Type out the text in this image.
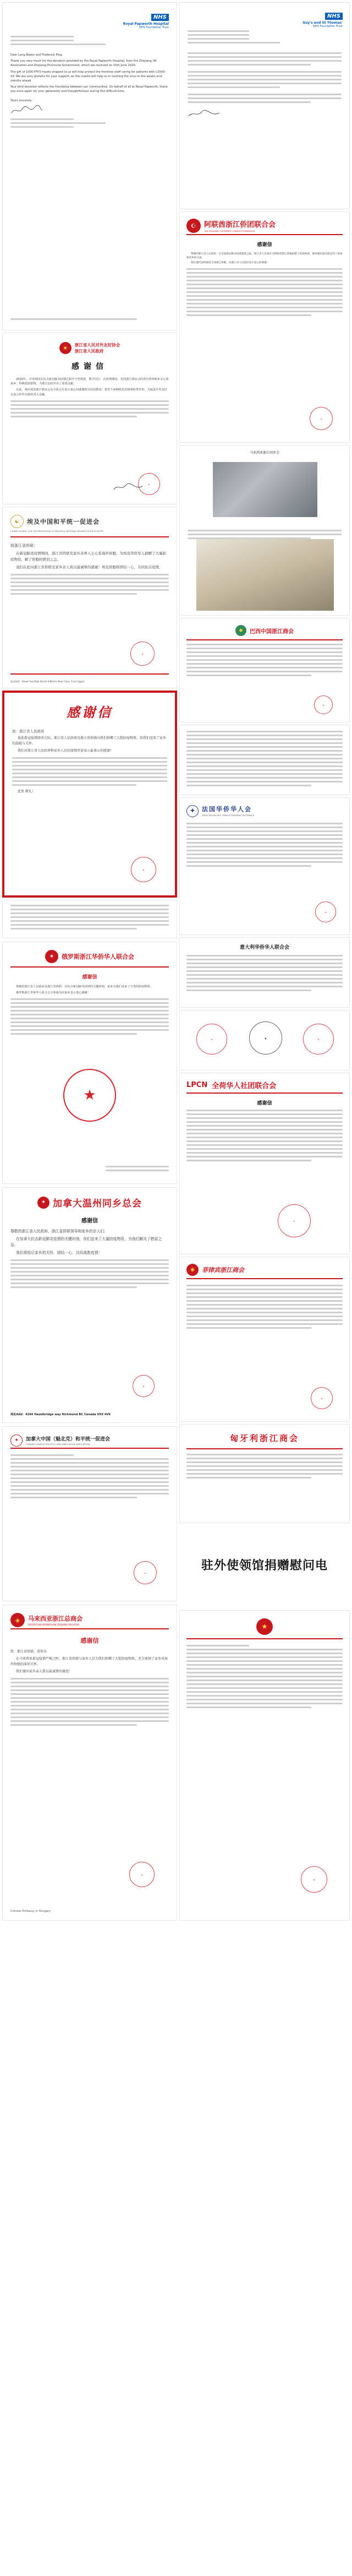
NHS
Royal Papworth Hospital
NHS Foundation Trust
Dear Lang Bawei and Frederick Ping,
Thank you very much for the donation provided by the Royal Papworth Hospital, from the Zhejiang UK Association and Zhejiang Provincial Government, which we received on 15th June 2020.
The gift of 1000 FFP3 masks shipped to us will help protect the frontline staff caring for patients with COVID-19. We are very grateful for your support, as this masks will help us in tackling the virus in the weeks and months ahead.
Your kind donation reflects the friendship between our communities. On behalf of all at Royal Papworth, thank you once again for your generosity and thoughtfulness during this difficult time.
Yours sincerely,
★	浙江省人民对外友好协会
浙江省人民政府
感谢信
2020年，中英两国在抗击新冠肺炎疫情过程中守望相助，携手同行。在疫情期间，英国浙江联谊会的各位侨领和乡亲心系家乡，积极捐款捐物，为浙江抗疫作出了重要贡献。
在此，谨向英国浙江联谊会及全体会员表示衷心的感谢和崇高的敬意！希望大家继续发挥桥梁纽带作用，为促进中英友好交流合作作出新的更大贡献。
★
☯	埃及中国和平统一促进会
CHINA COUNCIL FOR THE PROMOTION OF PEACEFUL NATIONAL REUNIFICATION IN EGYPT
致浙江省侨联：
在新冠肺炎疫情期间，浙江省侨联及家乡各界人士心系海外侨胞，为埃及华侨华人捐赠了大量防疫物资，解了侨胞的燃眉之急。
我们在此向浙江省侨联及家乡亲人致以最诚挚的感谢！埃及侨胞将团结一心，共同抗击疫情。
★
地址Add：Dawel Sarafigh Street ElNozha New Cairo, Cairo Egypt
感谢信
致：浙江省人民政府
值此新冠疫情肆虐之际，浙江省人民政府及浙江省侨联向我们捐赠了大批防疫物资，给我们送来了家乡的温暖与关怀。
我们对浙江省人民政府和家乡人民的深情厚谊表示最衷心的感谢！
此致 敬礼！
★
★	俄罗斯浙江华侨华人联合会
感谢信
尊敬的浙江省人民政府及浙江省侨联：在抗击新冠肺炎疫情的关键时刻，家乡为我们送来了宝贵的防疫物资。
俄罗斯浙江华侨华人联合会全体成员向家乡表示衷心感谢！
★
✦ 加拿大温州同乡总会
感谢信
尊敬的浙江省人民政府、浙江省侨联领导和家乡的亲人们：
在加拿大抗击新冠肺炎疫情的关键时刻，你们送来了大量防疫物资，为我们解决了燃眉之急。
我们将铭记家乡的关怀，团结一心，共同战胜疫情！
★
地址Add：4266 Hazelbridge way Richmond BC Canada V6X 4V9
✦	加拿大中国（魁北克）和平统一促进会
CANADA CHINESE PEACEFUL AND UNIFICATION ASSOCIATION
★
◈	马来西亚浙江总商会
PERSATUAN PERNIAGAAN ZHEJIANG MALAYSIA
感谢信
致：浙江省侨联、省侨办
在马来西亚新冠疫情严峻之时，浙江省侨联与家乡人民为我们捐赠了大批防疫物资，充分体现了家乡对海外侨胞的深切关怀。
我们谨向家乡亲人致以最诚挚的谢意！
★
Chinese Embassy in Hungary
NHS
Guy's and St Thomas'
NHS Foundation Trust
☪	阿联酋浙江侨团联合会
UAE ZHEJIANG OVERSEAS CHINESE FEDERATION
感谢信
尊敬的浙江省人民政府：在全球新冠肺炎疫情蔓延之际，浙江省人民政府为阿联酋浙江侨胞捐赠了防疫物资，使侨胞们深切感受到了祖国和家乡的关爱。
我们谨代表阿联酋全体浙江侨胞，向浙江省人民政府表示衷心的感谢！
★
马来西亚浙江同乡会
◆	巴西中国浙江商会
★
✚	法国华侨华人会
ASSOCIATION DES CHINOIS RESIDANT EN FRANCE
★
意大利华侨华人联合会
★	●	★
LPCN 全荷华人社团联合会
感谢信
★
◉	菲律宾浙江商会
★
匈牙利浙江商会
驻外使领馆捐赠慰问电
★
★
